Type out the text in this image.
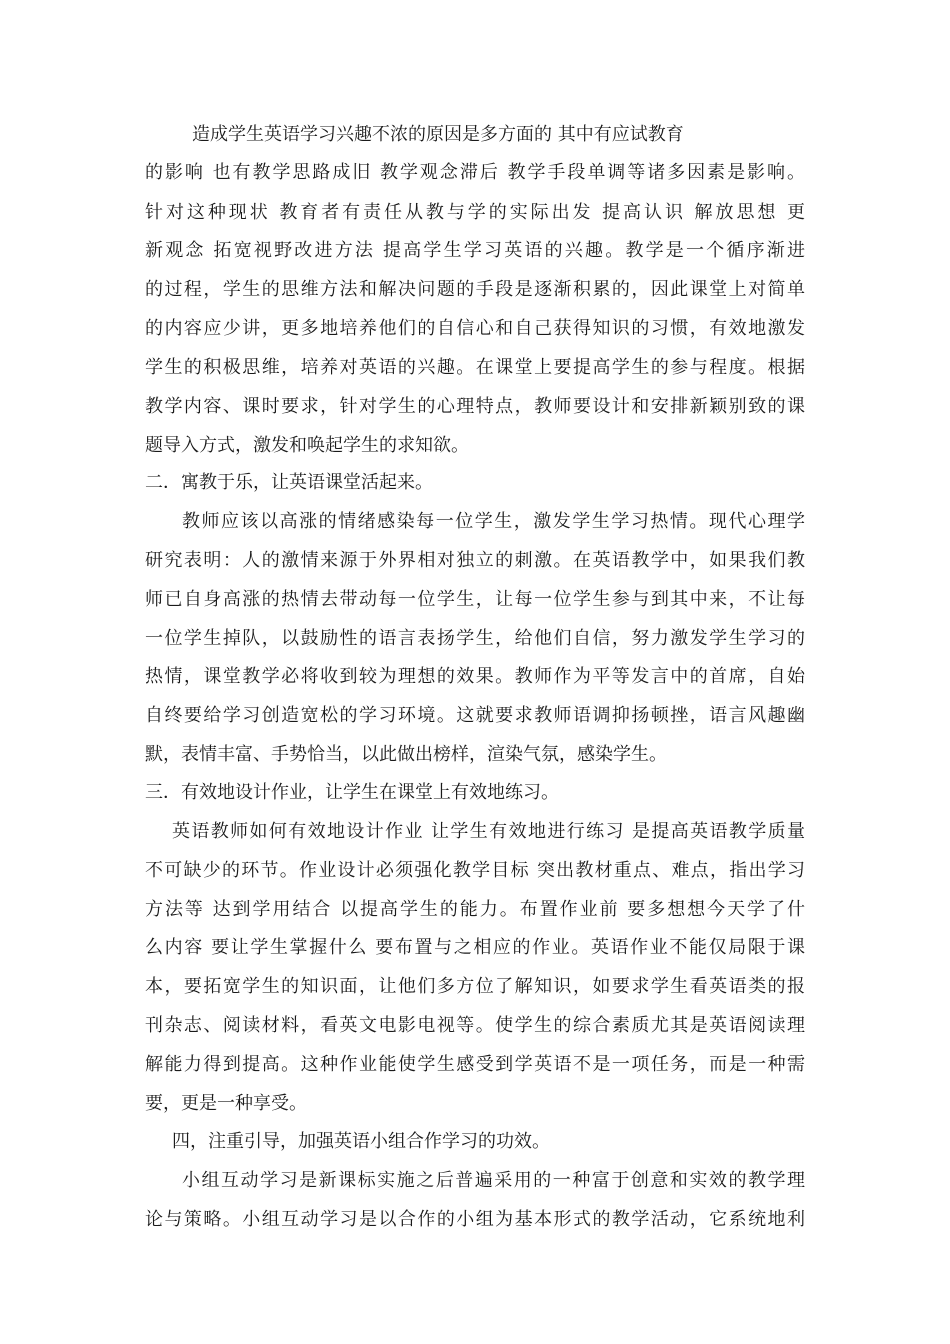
造成学生英语学习兴趣不浓的原因是多方面的 其中有应试教育
的影响 也有教学思路成旧 教学观念滞后 教学手段单调等诸多因素是影响。
针对这种现状 教育者有责任从教与学的实际出发 提高认识 解放思想 更
新观念 拓宽视野改进方法 提高学生学习英语的兴趣。教学是一个循序渐进
的过程，学生的思维方法和解决问题的手段是逐渐积累的，因此课堂上对简单
的内容应少讲，更多地培养他们的自信心和自己获得知识的习惯，有效地激发
学生的积极思维，培养对英语的兴趣。在课堂上要提高学生的参与程度。根据
教学内容、课时要求，针对学生的心理特点，教师要设计和安排新颖别致的课
题导入方式，激发和唤起学生的求知欲。
二．寓教于乐，让英语课堂活起来。
教师应该以高涨的情绪感染每一位学生，激发学生学习热情。现代心理学
研究表明：人的激情来源于外界相对独立的刺激。在英语教学中，如果我们教
师已自身高涨的热情去带动每一位学生，让每一位学生参与到其中来，不让每
一位学生掉队，以鼓励性的语言表扬学生，给他们自信，努力激发学生学习的
热情，课堂教学必将收到较为理想的效果。教师作为平等发言中的首席，自始
自终要给学习创造宽松的学习环境。这就要求教师语调抑扬顿挫，语言风趣幽
默，表情丰富、手势恰当，以此做出榜样，渲染气氛，感染学生。
三．有效地设计作业，让学生在课堂上有效地练习。
英语教师如何有效地设计作业 让学生有效地进行练习 是提高英语教学质量
不可缺少的环节。作业设计必须强化教学目标 突出教材重点、难点，指出学习
方法等 达到学用结合 以提高学生的能力。布置作业前 要多想想今天学了什
么内容 要让学生掌握什么 要布置与之相应的作业。英语作业不能仅局限于课
本，要拓宽学生的知识面，让他们多方位了解知识，如要求学生看英语类的报
刊杂志、阅读材料，看英文电影电视等。使学生的综合素质尤其是英语阅读理
解能力得到提高。这种作业能使学生感受到学英语不是一项任务，而是一种需
要，更是一种享受。
四，注重引导，加强英语小组合作学习的功效。
小组互动学习是新课标实施之后普遍采用的一种富于创意和实效的教学理
论与策略。小组互动学习是以合作的小组为基本形式的教学活动，它系统地利
